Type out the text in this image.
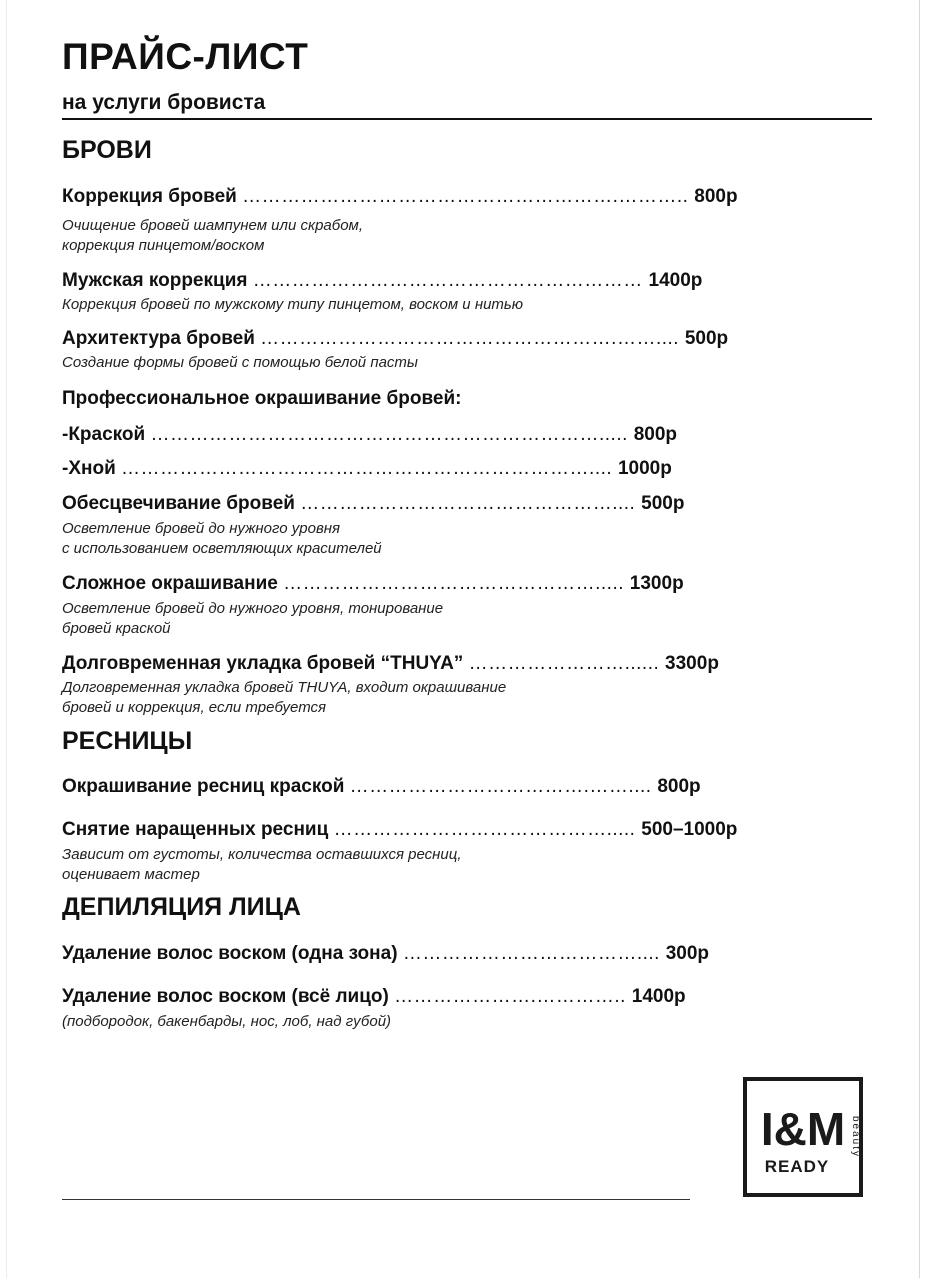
ПРАЙС-ЛИСТ
на услуги бровиста
БРОВИ
Коррекция бровей ………………………………………………….……….. 800р
Очищение бровей шампунем или скрабом,
коррекция пинцетом/воском
Мужская коррекция …………………………………………………… 1400р
Коррекция бровей по мужскому типу пинцетом, воском и нитью
Архитектура бровей ……………………………………………….…….... 500р
Создание формы бровей с помощью белой пасты
Профессиональное окрашивание бровей:
-Краской ……………………………………………………………..... 800р
-Хной ……………………………………………………………….... 1000р
Обесцвечивание бровей ………………………………………….... 500р
Осветление бровей до нужного уровня
с использованием осветляющих красителей
Сложное окрашивание …………………………………………..... 1300р
Осветление бровей до нужного уровня, тонирование
бровей краской
Долговременная укладка бровей “THUYA” ……………………...... 3300р
Долговременная укладка бровей THUYA, входит окрашивание
бровей и коррекция, если требуется
РЕСНИЦЫ
Окрашивание ресниц краской ……………………………….…….... 800р
Снятие наращенных ресниц ……………………………………..... 500–1000р
Зависит от густоты, количества оставшихся ресниц,
оценивает мастер
ДЕПИЛЯЦИЯ ЛИЦА
Удаление волос воском (одна зона) ……………………………….... 300р
Удаление волос воском (всё лицо) ………………….………….. 1400р
(подбородок, бакенбарды, нос, лоб, над губой)
I&M
READY
beauty
